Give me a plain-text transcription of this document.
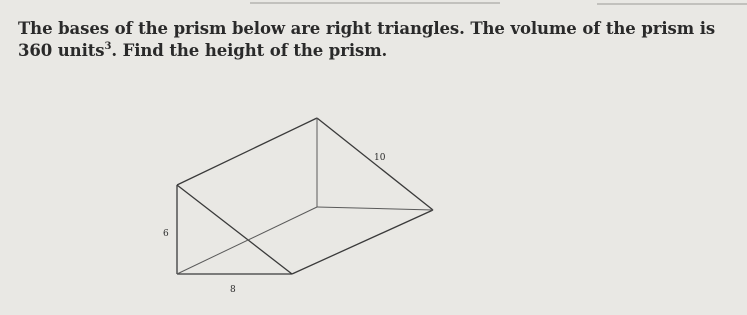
The bases of the prism below are right triangles. The volume of the prism is 360 units$^3$. Find the height of the prism.

10
6
8
